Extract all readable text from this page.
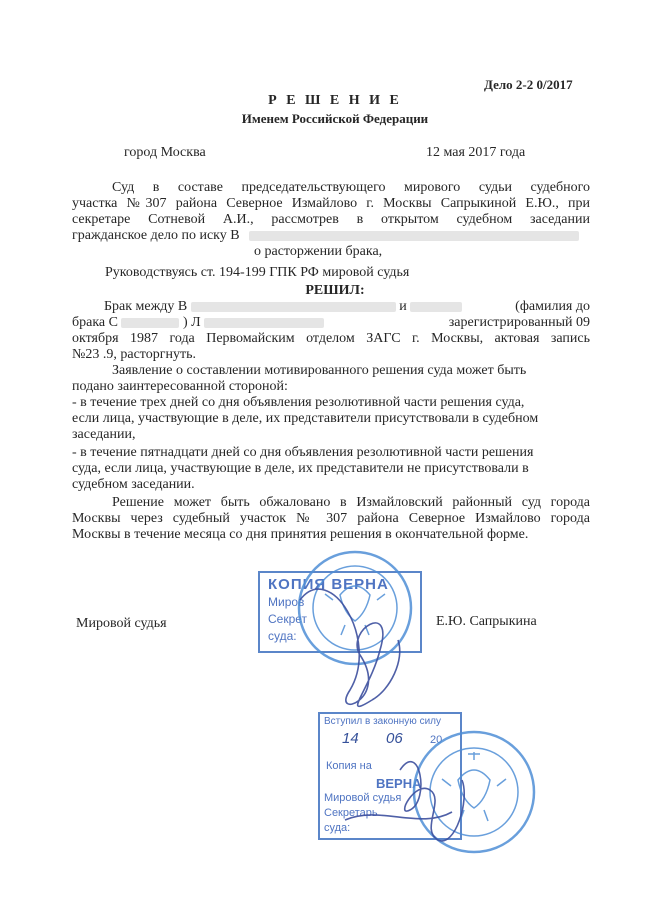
Дело 2-2 0/2017
Р Е Ш Е Н И Е
Именем Российской Федерации
город Москва	12 мая 2017 года
Суд в составе председательствующего мирового судьи судебного
участка №307 района Северное Измайлово г. Москвы Сапрыкиной Е.Ю., при
секретаре Сотневой А.И., рассмотрев в открытом судебном заседании
гражданское дело по иску В
о расторжении брака,
Руководствуясь ст. 194-199 ГПК РФ мировой судья
РЕШИЛ:
Брак между В	и	(фамилия до
брака С	) Л	зарегистрированный 09
октября 1987 года Первомайским отделом ЗАГС г. Москвы, актовая запись
№23 .9, расторгнуть.
Заявление о составлении мотивированного решения суда может быть
подано заинтересованной стороной:
- в течение трех дней со дня объявления резолютивной части решения суда,
если лица, участвующие в деле, их представители присутствовали в судебном
заседании,
- в течение пятнадцати дней со дня объявления резолютивной части решения
суда, если лица, участвующие в деле, их представители не присутствовали в
судебном заседании.
Решение может быть обжаловано в Измайловский районный суд города
Москвы через судебный участок № 307 района Северное Измайлово города
Москвы в течение месяца со дня принятия решения в окончательной форме.
Мировой судья	Е.Ю. Сапрыкина
КОПИЯ ВЕРНА
Миров
Секрет
суда:
Вступил в законную силу
14 06 20
Копия на
ВЕРНА
Мировой судья
Секретарь
суда:
